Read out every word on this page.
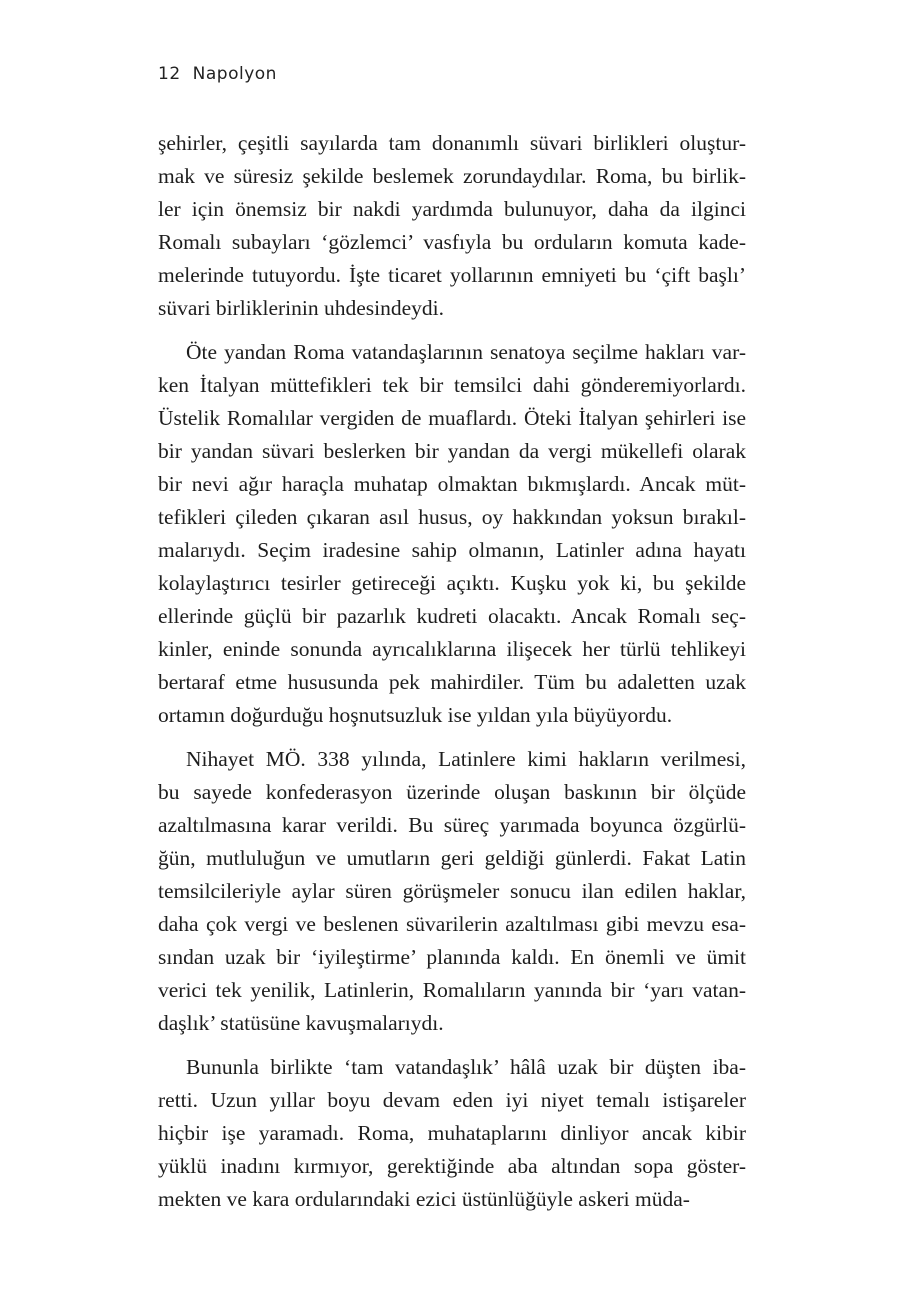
12 Napolyon

şehirler, çeşitli sayılarda tam donanımlı süvari birlikleri oluştur-
mak ve süresiz şekilde beslemek zorundaydılar. Roma, bu birlik-
ler için önemsiz bir nakdi yardımda bulunuyor, daha da ilginci
Romalı subayları ‘gözlemci’ vasfıyla bu orduların komuta kade-
melerinde tutuyordu. İşte ticaret yollarının emniyeti bu ‘çift başlı’
süvari birliklerinin uhdesindeydi.

Öte yandan Roma vatandaşlarının senatoya seçilme hakları var-
ken İtalyan müttefikleri tek bir temsilci dahi gönderemiyorlardı.
Üstelik Romalılar vergiden de muaflardı. Öteki İtalyan şehirleri ise
bir yandan süvari beslerken bir yandan da vergi mükellefi olarak
bir nevi ağır haraçla muhatap olmaktan bıkmışlardı. Ancak müt-
tefikleri çileden çıkaran asıl husus, oy hakkından yoksun bırakıl-
malarıydı. Seçim iradesine sahip olmanın, Latinler adına hayatı
kolaylaştırıcı tesirler getireceği açıktı. Kuşku yok ki, bu şekilde
ellerinde güçlü bir pazarlık kudreti olacaktı. Ancak Romalı seç-
kinler, eninde sonunda ayrıcalıklarına ilişecek her türlü tehlikeyi
bertaraf etme hususunda pek mahirdiler. Tüm bu adaletten uzak
ortamın doğurduğu hoşnutsuzluk ise yıldan yıla büyüyordu.

Nihayet MÖ. 338 yılında, Latinlere kimi hakların verilmesi,
bu sayede konfederasyon üzerinde oluşan baskının bir ölçüde
azaltılmasına karar verildi. Bu süreç yarımada boyunca özgürlü-
ğün, mutluluğun ve umutların geri geldiği günlerdi. Fakat Latin
temsilcileriyle aylar süren görüşmeler sonucu ilan edilen haklar,
daha çok vergi ve beslenen süvarilerin azaltılması gibi mevzu esa-
sından uzak bir ‘iyileştirme’ planında kaldı. En önemli ve ümit
verici tek yenilik, Latinlerin, Romalıların yanında bir ‘yarı vatan-
daşlık’ statüsüne kavuşmalarıydı.

Bununla birlikte ‘tam vatandaşlık’ hâlâ uzak bir düşten iba-
retti. Uzun yıllar boyu devam eden iyi niyet temalı istişareler
hiçbir işe yaramadı. Roma, muhataplarını dinliyor ancak kibir
yüklü inadını kırmıyor, gerektiğinde aba altından sopa göster-
mekten ve kara ordularındaki ezici üstünlüğüyle askeri müda-
